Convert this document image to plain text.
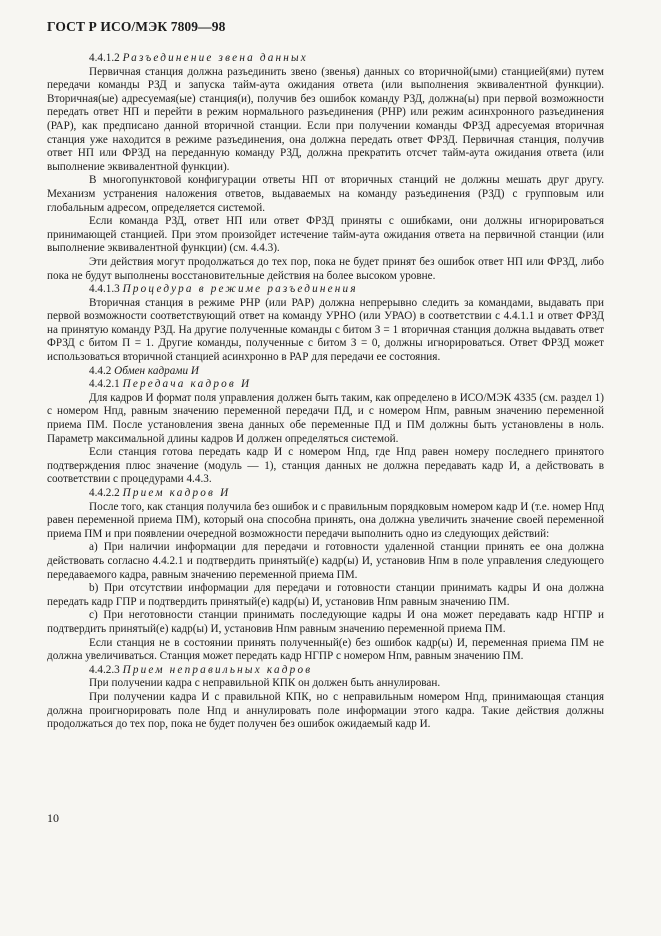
ГОСТ Р ИСО/МЭК 7809—98

4.4.1.2 Разъединение звена данных

Первичная станция должна разъединить звено (звенья) данных со вторичной(ыми) станцией(ями) путем передачи команды РЗД и запуска тайм-аута ожидания ответа (или выполнения эквивалентной функции). Вторичная(ые) адресуемая(ые) станция(и), получив без ошибок команду РЗД, должна(ы) при первой возможности передать ответ НП и перейти в режим нормального разъединения (РНР) или режим асинхронного разъединения (РАР), как предписано данной вторичной станции. Если при получении команды ФРЗД адресуемая вторичная станция уже находится в режиме разъединения, она должна передать ответ ФРЗД. Первичная станция, получив ответ НП или ФРЗД на переданную команду РЗД, должна прекратить отсчет тайм-аута ожидания ответа (или выполнение эквивалентной функции).

В многопунктовой конфигурации ответы НП от вторичных станций не должны мешать друг другу. Механизм устранения наложения ответов, выдаваемых на команду разъединения (РЗД) с групповым или глобальным адресом, определяется системой.

Если команда РЗД, ответ НП или ответ ФРЗД приняты с ошибками, они должны игнорироваться принимающей станцией. При этом произойдет истечение тайм-аута ожидания ответа на первичной станции (или выполнение эквивалентной функции) (см. 4.4.3).

Эти действия могут продолжаться до тех пор, пока не будет принят без ошибок ответ НП или ФРЗД, либо пока не будут выполнены восстановительные действия на более высоком уровне.

4.4.1.3 Процедура в режиме разъединения

Вторичная станция в режиме РНР (или РАР) должна непрерывно следить за командами, выдавать при первой возможности соответствующий ответ на команду УРНО (или УРАО) в соответствии с 4.4.1.1 и ответ ФРЗД на принятую команду РЗД. На другие полученные команды с битом З = 1 вторичная станция должна выдавать ответ ФРЗД с битом П = 1. Другие команды, полученные с битом З = 0, должны игнорироваться. Ответ ФРЗД может использоваться вторичной станцией асинхронно в РАР для передачи ее состояния.

4.4.2 Обмен кадрами И

4.4.2.1 Передача кадров И

Для кадров И формат поля управления должен быть таким, как определено в ИСО/МЭК 4335 (см. раздел 1) с номером Нпд, равным значению переменной передачи ПД, и с номером Нпм, равным значению переменной приема ПМ. После установления звена данных обе переменные ПД и ПМ должны быть установлены в ноль. Параметр максимальной длины кадров И должен определяться системой.

Если станция готова передать кадр И с номером Нпд, где Нпд равен номеру последнего принятого подтверждения плюс значение (модуль — 1), станция данных не должна передавать кадр И, а действовать в соответствии с процедурами 4.4.3.

4.4.2.2 Прием кадров И

После того, как станция получила без ошибок и с правильным порядковым номером кадр И (т.е. номер Нпд равен переменной приема ПМ), который она способна принять, она должна увеличить значение своей переменной приема ПМ и при появлении очередной возможности передачи выполнить одно из следующих действий:

a) При наличии информации для передачи и готовности удаленной станции принять ее она должна действовать согласно 4.4.2.1 и подтвердить принятый(е) кадр(ы) И, установив Нпм в поле управления следующего передаваемого кадра, равным значению переменной приема ПМ.

b) При отсутствии информации для передачи и готовности станции принимать кадры И она должна передать кадр ГПР и подтвердить принятый(е) кадр(ы) И, установив Нпм равным значению ПМ.

c) При неготовности станции принимать последующие кадры И она может передавать кадр НГПР и подтвердить принятый(е) кадр(ы) И, установив Нпм равным значению переменной приема ПМ.

Если станция не в состоянии принять полученный(е) без ошибок кадр(ы) И, переменная приема ПМ не должна увеличиваться. Станция может передать кадр НГПР с номером Нпм, равным значению ПМ.

4.4.2.3 Прием неправильных кадров

При получении кадра с неправильной КПК он должен быть аннулирован.

При получении кадра И с правильной КПК, но с неправильным номером Нпд, принимающая станция должна проигнорировать поле Нпд и аннулировать поле информации этого кадра. Такие действия должны продолжаться до тех пор, пока не будет получен без ошибок ожидаемый кадр И.

10
